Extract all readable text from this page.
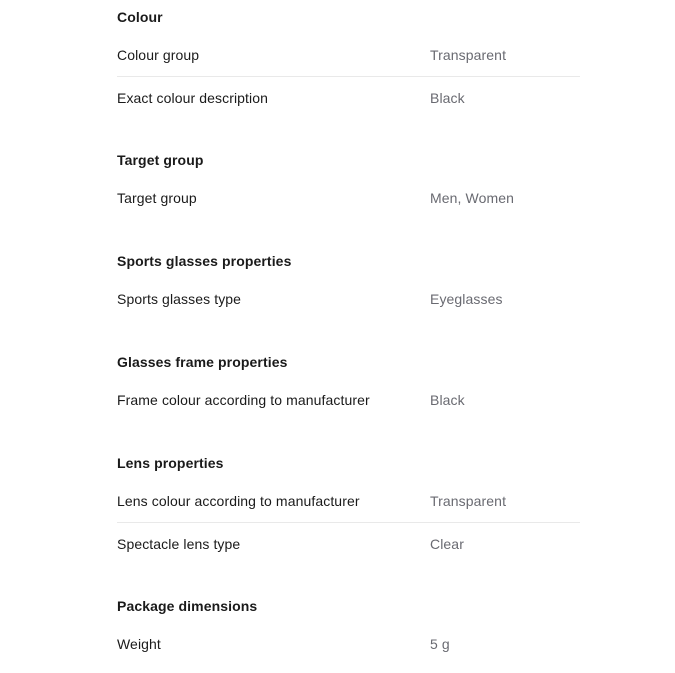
Colour
Colour group	Transparent
Exact colour description	Black
Target group
Target group	Men, Women
Sports glasses properties
Sports glasses type	Eyeglasses
Glasses frame properties
Frame colour according to manufacturer	Black
Lens properties
Lens colour according to manufacturer	Transparent
Spectacle lens type	Clear
Package dimensions
Weight	5 g
